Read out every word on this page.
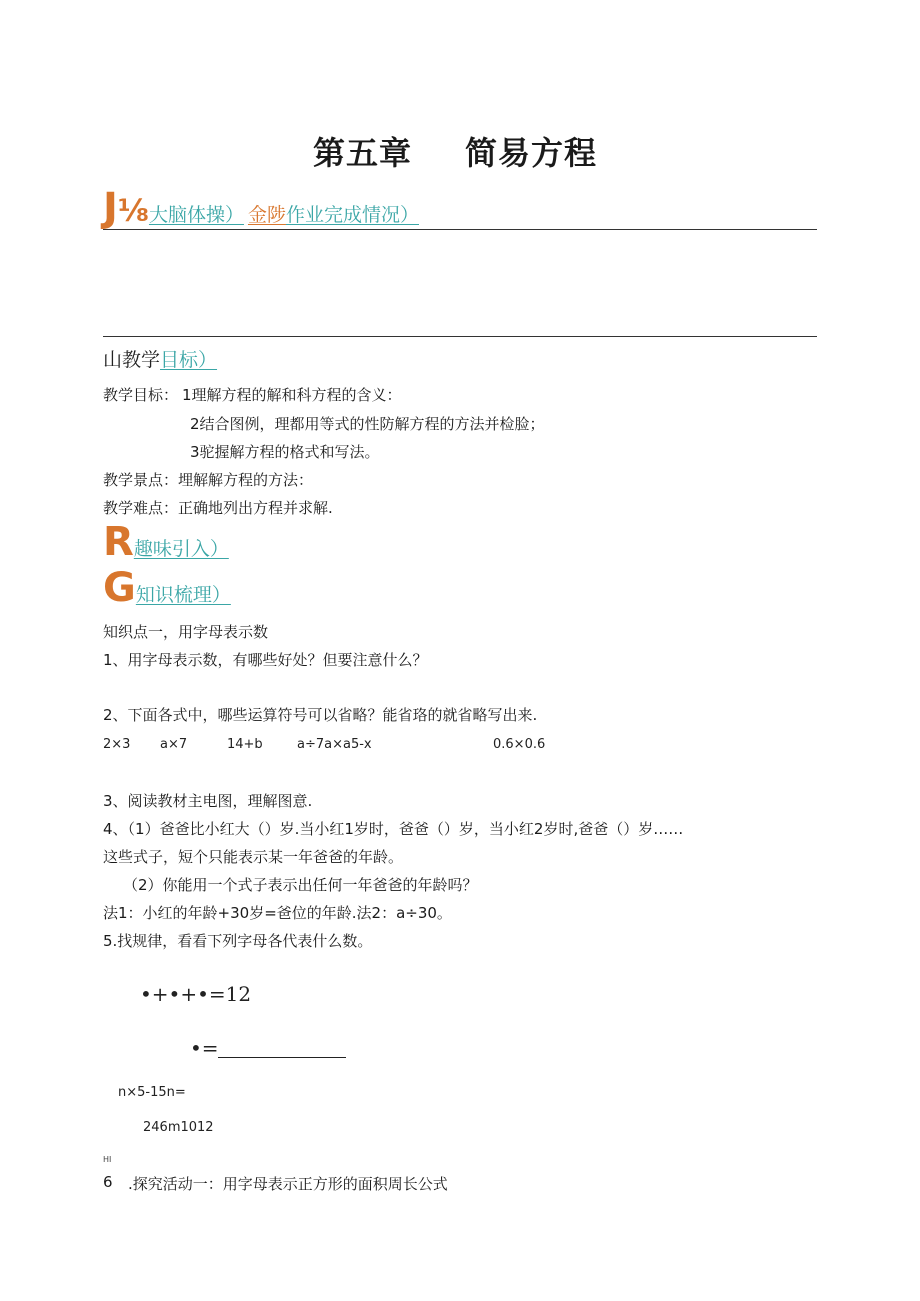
第五章 简易方程
J⅛大脑体操） 金陟作业完成情况）
山教学目标）
教学目标： 1理解方程的解和科方程的含义：
2结合图例，理都用等式的性防解方程的方法并检脸；
3驼握解方程的格式和写法。
教学景点：埋解解方程的方法：
教学难点：正确地列出方程并求解.
R趣味引入）
G知识梳理）
知织点一，用字母表示数
1、用字母表示数，有哪些好处？但要注意什么？
2、下面各式中，哪些运算符号可以省略？能省珞的就省略写出来.
2×3 a×7	14+b	a÷7a×a5-x	0.6×0.6
3、阅读教材主电图，理解图意.
4、（1）爸爸比小红大（）岁.当小红1岁时，爸爸（）岁，当小红2岁时,爸爸（）岁……
这些式子，短个只能表示某一年爸爸的年龄。
（2）你能用一个式子表示出任何一年爸爸的年龄吗？
法1：小红的年龄+30岁=爸位的年龄.法2：a÷30。
5.找规律，看看下列字母各代表什么数。
•+•+•=12
•=
n×5-15n=
246m1012
HI
6 .探究活动一：用字母表示正方形的面积周长公式
